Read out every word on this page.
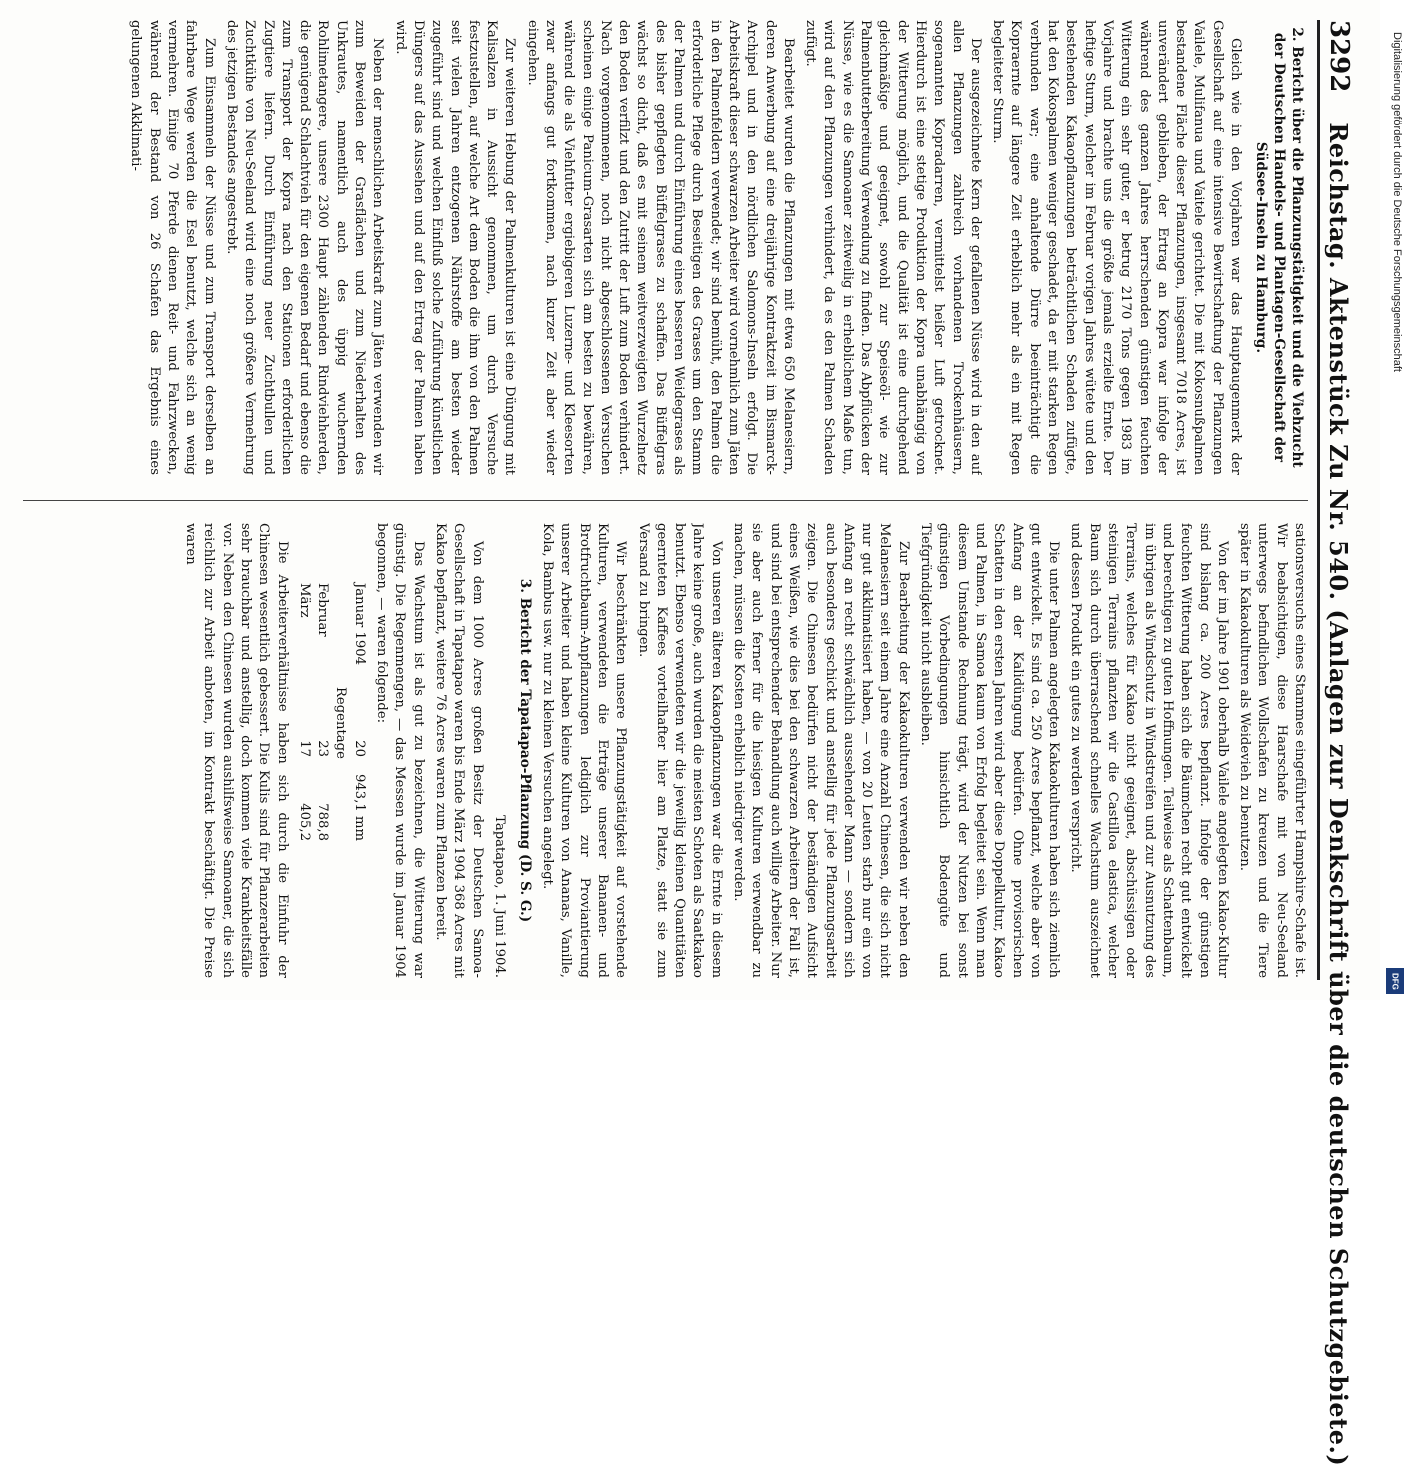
3292
Reichstag. Aktenstück Zu Nr. 540. (Anlagen zur Denkschrift über die deutschen Schutzgebiete.)
2. Bericht über die Pflanzungstätigkeit und die Viehzucht der Deutschen Handels- und Plantagen-Gesellschaft der Südsee-Inseln zu Hamburg.

Gleich wie in den Vorjahren war das Hauptaugenmerk der Gesellschaft auf eine intensive Bewirtschaftung der Pflanzungen Vailele, Mulifanua und Vaitele gerichtet. Die mit Kokosnußpalmen bestandene Fläche dieser Pflanzungen, insgesamt 7018 Acres, ist unverändert geblieben, der Ertrag an Kopra war infolge der während des ganzen Jahres herrschenden günstigen feuchten Witterung ein sehr guter, er betrug 2170 Tons gegen 1983 im Vorjahre und brachte uns die größte jemals erzielte Ernte. Der heftige Sturm, welcher im Februar vorigen Jahres wütete und den bestehenden Kakaopflanzungen beträchtlichen Schaden zufügte, hat den Kokospalmen weniger geschadet, da er mit starken Regen verbunden war; eine anhaltende Dürre beeinträchtigt die Kopraernte auf längere Zeit erheblich mehr als ein mit Regen begleiteter Sturm.

Der ausgezeichnete Kern der gefallenen Nüsse wird in den auf allen Pflanzungen zahlreich vorhandenen Trockenhäusern, sogenannten Kopradarren, vermittelst heißer Luft getrocknet. Hierdurch ist eine stetige Produktion der Kopra unabhängig von der Witterung möglich, und die Qualität ist eine durchgehend gleichmäßige und geeignet, sowohl zur Speiseöl- wie zur Palmenbutterbereitung Verwendung zu finden. Das Abpflücken der Nüsse, wie es die Samoaner zeitweilig in erheblichem Maße tun, wird auf den Pflanzungen verhindert, da es den Palmen Schaden zufügt.

Bearbeitet wurden die Pflanzungen mit etwa 650 Melanesiern, deren Anwerbung auf eine dreijährige Kontraktzeit im Bismarck-Archipel und in den nördlichen Salomons-Inseln erfolgt. Die Arbeitskraft dieser schwarzen Arbeiter wird vornehmlich zum Jäten in den Palmenfeldern verwendet; wir sind bemüht, den Palmen die erforderliche Pflege durch Beseitigen des Grases um den Stamm der Palmen und durch Einführung eines besseren Weidegrases als des bisher gepflegten Büffelgrases zu schaffen. Das Büffelgras wächst so dicht, daß es mit seinem weitverzweigten Wurzelnetz den Boden verfilzt und den Zutritt der Luft zum Boden verhindert. Nach vorgenommenen, noch nicht abgeschlossenen Versuchen scheinen einige Panicum-Grasarten sich am besten zu bewähren, während die als Viehfutter ergiebigeren Luzerne- und Kleesorten zwar anfangs gut fortkommen, nach kurzer Zeit aber wieder eingehen.

Zur weiteren Hebung der Palmenkulturen ist eine Düngung mit Kalisalzen in Aussicht genommen, um durch Versuche festzustellen, auf welche Art dem Boden die ihm von den Palmen seit vielen Jahren entzogenen Nährstoffe am besten wieder zugeführt sind und welchen Einfluß solche Zuführung künstlichen Düngers auf das Aussehen und auf den Ertrag der Palmen haben wird.

Neben der menschlichen Arbeitskraft zum Jäten verwenden wir zum Beweiden der Grasflächen und zum Niederhalten des Unkrautes, namentlich auch des üppig wuchernden Rohlimetangere, unsere 2300 Haupt zählenden Rindviehherden, die genügend Schlachtvieh für den eigenen Bedarf und ebenso die zum Transport der Kopra nach den Stationen erforderlichen Zugtiere liefern. Durch Einführung neuer Zuchtbullen und Zuchtkühe von Neu-Seeland wird eine noch größere Vermehrung des jetzigen Bestandes angestrebt.

Zum Einsammeln der Nüsse und zum Transport derselben an fahrbare Wege werden die Esel benutzt, welche sich an wenig vermehren. Einige 70 Pferde dienen Reit- und Fahrzwecken, während der Bestand von 26 Schafen das Ergebnis eines gelungenen Akklimati-

sationsversuchs eines Stammes eingeführter Hampshire-Schafe ist. Wir beabsichtigen, diese Haarschafe mit von Neu-Seeland unterwegs befindlichen Wollschafen zu kreuzen und die Tiere später in Kakaokulturen als Weidevieh zu benutzen.

Von der im Jahre 1901 oberhalb Vailele angelegten Kakao-Kultur sind bislang ca. 200 Acres bepflanzt. Infolge der günstigen feuchten Witterung haben sich die Bäumchen recht gut entwickelt und berechtigen zu guten Hoffnungen. Teilweise als Schattenbaum, im übrigen als Windschutz in Windstreifen und zur Ausnutzung des Terrains, welches für Kakao nicht geeignet, abschüssigen oder steinigen Terrains pflanzten wir die Castilloa elastica, welcher Baum sich durch überraschend schnelles Wachstum auszeichnet und dessen Produkt ein gutes zu werden verspricht.

Die unter Palmen angelegten Kakaokulturen haben sich ziemlich gut entwickelt. Es sind ca. 250 Acres bepflanzt, welche aber von Anfang an der Kalidüngung bedürfen. Ohne provisorischen Schatten in den ersten Jahren wird aber diese Doppelkultur, Kakao und Palmen, in Samoa kaum von Erfolg begleitet sein. Wenn man diesem Umstande Rechnung trägt, wird der Nutzen bei sonst günstigen Vorbedingungen hinsichtlich Bodengüte und Tiefgründigkeit nicht ausbleiben.

Zur Bearbeitung der Kakaokulturen verwenden wir neben den Melanesiern seit einem Jahre eine Anzahl Chinesen, die sich nicht nur gut akklimatisiert haben, — von 20 Leuten starb nur ein von Anfang an recht schwächlich aussehender Mann — sondern sich auch besonders geschickt und anstellig für jede Pflanzungsarbeit zeigen. Die Chinesen bedürfen nicht der beständigen Aufsicht eines Weißen, wie dies bei den schwarzen Arbeitern der Fall ist, und sind bei entsprechender Behandlung auch willige Arbeiter. Nur sie aber auch ferner für die hiesigen Kulturen verwendbar zu machen, müssen die Kosten erheblich niedriger werden.

Von unseren älteren Kakaopflanzungen war die Ernte in diesem Jahre keine große, auch wurden die meisten Schoten als Saatkakao benutzt. Ebenso verwendeten wir die jeweilig kleinen Quantitäten geernteten Kaffees vorteilhafter hier am Platze, statt sie zum Versand zu bringen.

Wir beschränkten unsere Pflanzungstätigkeit auf vorstehende Kulturen, verwendeten die Erträge unserer Bananen- und Brotfruchtbaum-Anpflanzungen lediglich zur Proviantierung unserer Arbeiter und haben kleine Kulturen von Ananas, Vanille, Kola, Bambus usw. nur zu kleinen Versuchen angelegt.

3. Bericht der Tapatapao-Pflanzung (D. S. G.)
Tapatapao, 1. Juni 1904.

Von dem 1000 Acres großen Besitz der Deutschen Samoa-Gesellschaft in Tapatapao waren bis Ende März 1904 368 Acres mit Kakao bepflanzt, weitere 76 Acres waren zum Pflanzen bereit.

Das Wachstum ist als gut zu bezeichnen, die Witterung war günstig. Die Regenmengen, — das Messen wurde im Januar 1904 begonnen, — waren folgende:

Januar 1904
20 Regentage
943,1 mm
Februar
23
788,8
März
17
405,2

Die Arbeiterverhältnisse haben sich durch die Einfuhr der Chinesen wesentlich gebessert. Die Kulis sind für Pflanzerarbeiten sehr brauchbar und anstellig, doch kommen viele Krankheitsfälle vor. Neben den Chinesen wurden aushilfsweise Samoaner, die sich reichlich zur Arbeit anboten, im Kontrakt beschäftigt. Die Preise waren

Digitalisierung gefördert durch die Deutsche Forschungsgemeinschaft
DFG
